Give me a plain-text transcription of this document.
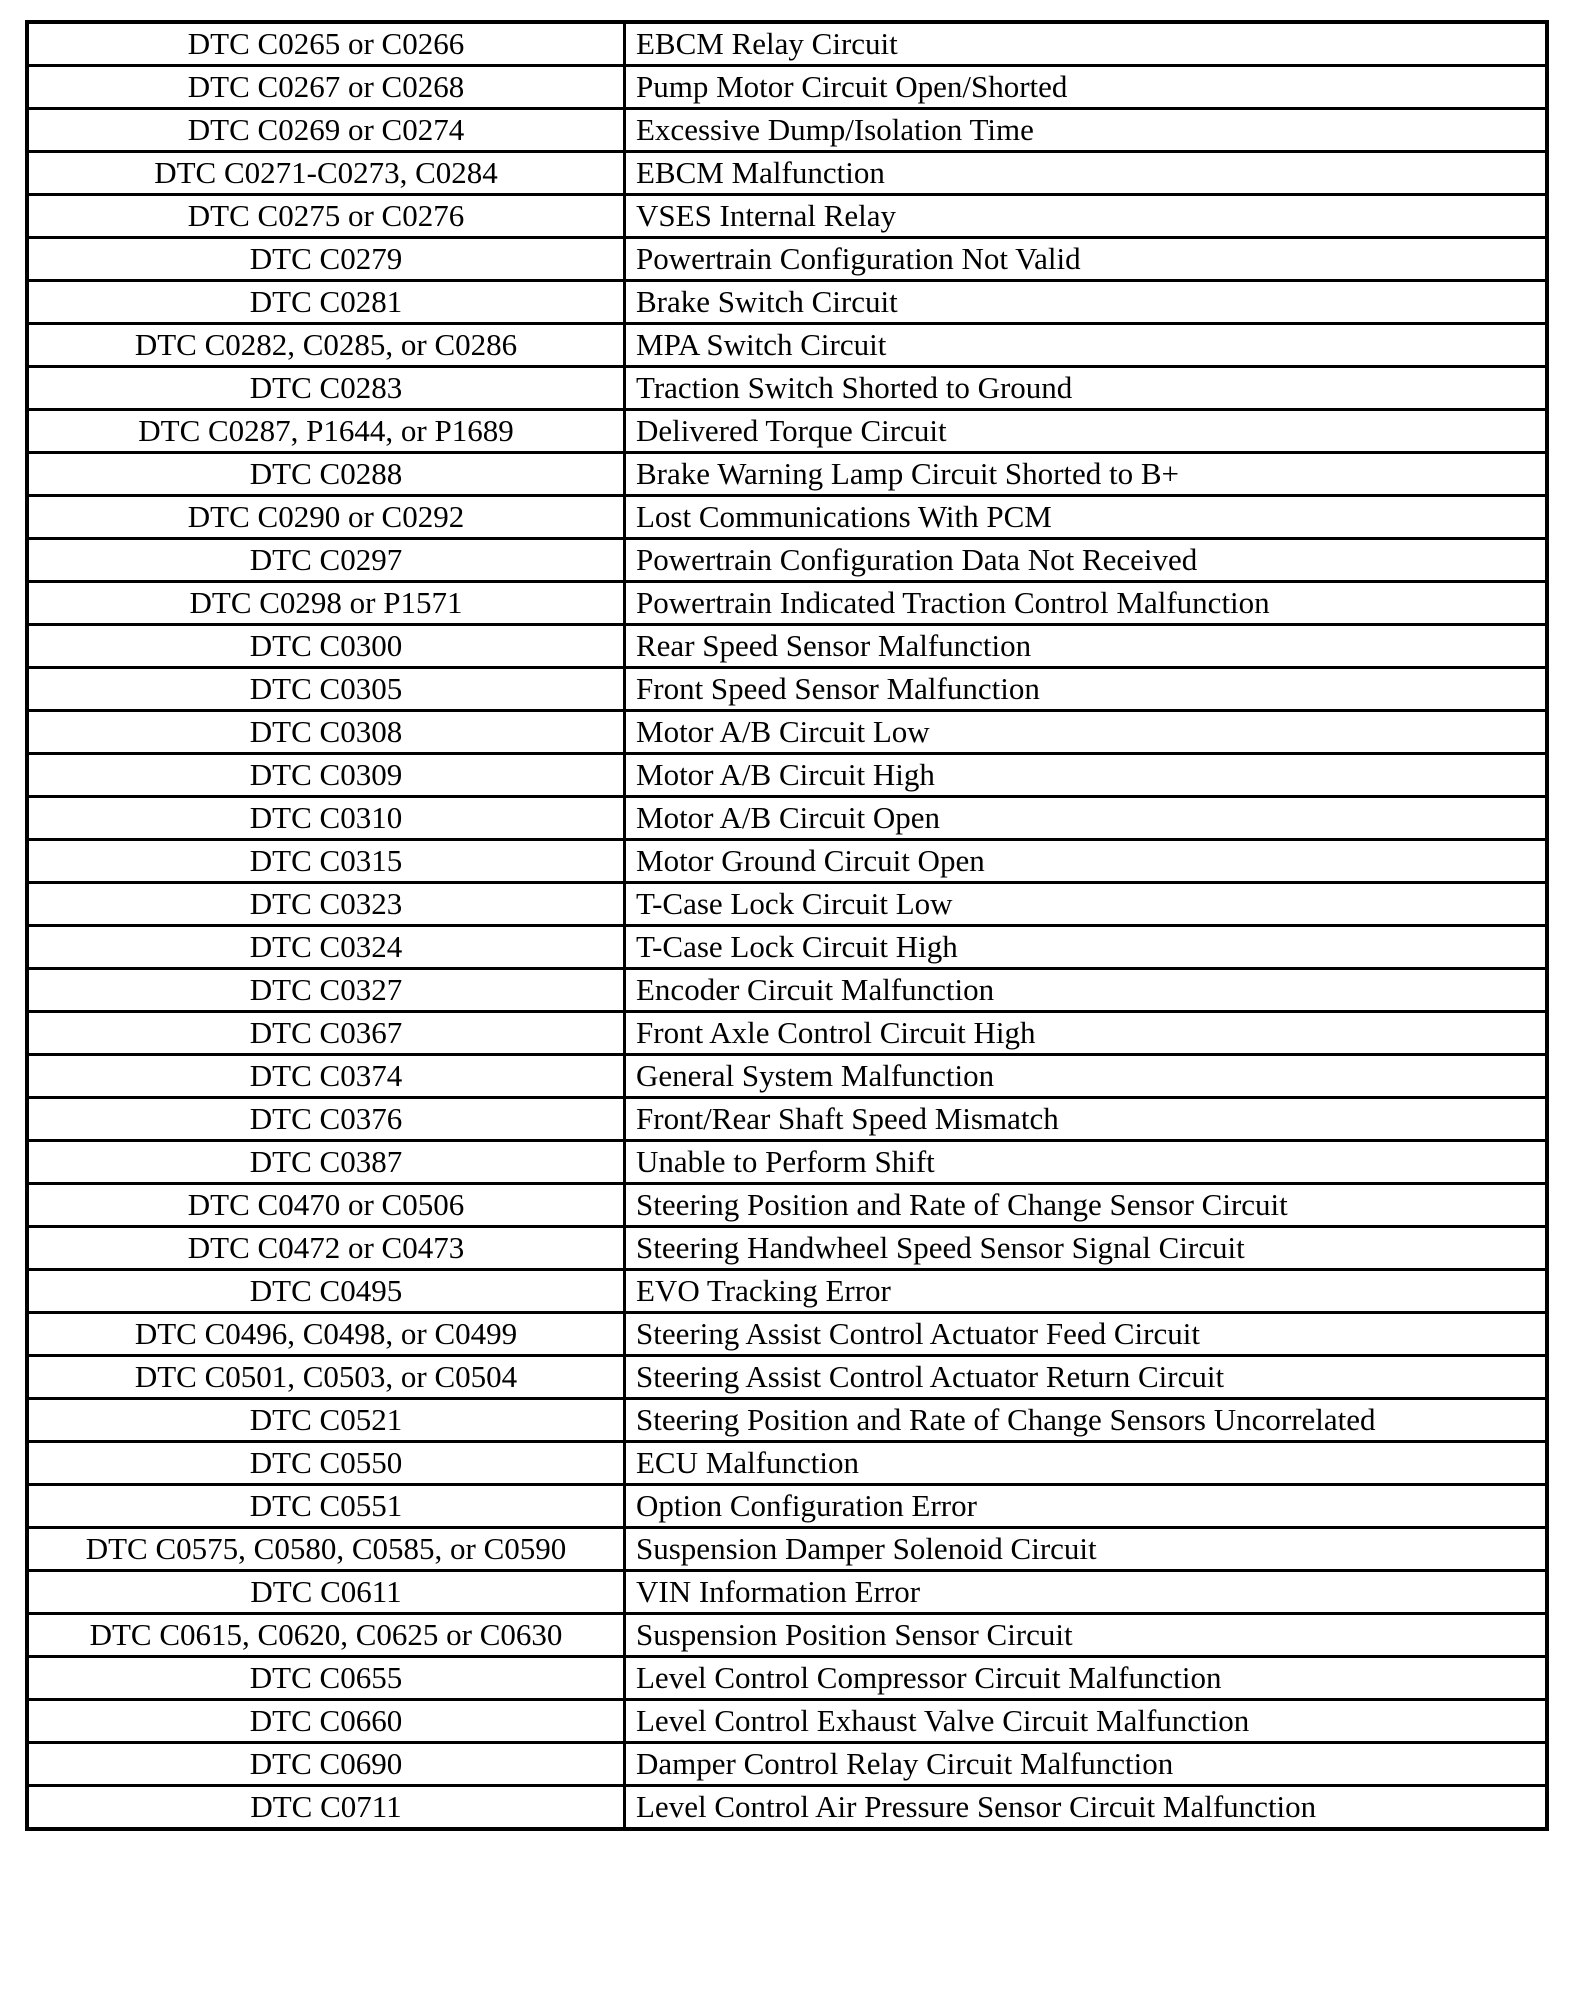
DTC C0265 or C0266	EBCM Relay Circuit
DTC C0267 or C0268	Pump Motor Circuit Open/Shorted
DTC C0269 or C0274	Excessive Dump/Isolation Time
DTC C0271-C0273, C0284	EBCM Malfunction
DTC C0275 or C0276	VSES Internal Relay
DTC C0279	Powertrain Configuration Not Valid
DTC C0281	Brake Switch Circuit
DTC C0282, C0285, or C0286	MPA Switch Circuit
DTC C0283	Traction Switch Shorted to Ground
DTC C0287, P1644, or P1689	Delivered Torque Circuit
DTC C0288	Brake Warning Lamp Circuit Shorted to B+
DTC C0290 or C0292	Lost Communications With PCM
DTC C0297	Powertrain Configuration Data Not Received
DTC C0298 or P1571	Powertrain Indicated Traction Control Malfunction
DTC C0300	Rear Speed Sensor Malfunction
DTC C0305	Front Speed Sensor Malfunction
DTC C0308	Motor A/B Circuit Low
DTC C0309	Motor A/B Circuit High
DTC C0310	Motor A/B Circuit Open
DTC C0315	Motor Ground Circuit Open
DTC C0323	T-Case Lock Circuit Low
DTC C0324	T-Case Lock Circuit High
DTC C0327	Encoder Circuit Malfunction
DTC C0367	Front Axle Control Circuit High
DTC C0374	General System Malfunction
DTC C0376	Front/Rear Shaft Speed Mismatch
DTC C0387	Unable to Perform Shift
DTC C0470 or C0506	Steering Position and Rate of Change Sensor Circuit
DTC C0472 or C0473	Steering Handwheel Speed Sensor Signal Circuit
DTC C0495	EVO Tracking Error
DTC C0496, C0498, or C0499	Steering Assist Control Actuator Feed Circuit
DTC C0501, C0503, or C0504	Steering Assist Control Actuator Return Circuit
DTC C0521	Steering Position and Rate of Change Sensors Uncorrelated
DTC C0550	ECU Malfunction
DTC C0551	Option Configuration Error
DTC C0575, C0580, C0585, or C0590	Suspension Damper Solenoid Circuit
DTC C0611	VIN Information Error
DTC C0615, C0620, C0625 or C0630	Suspension Position Sensor Circuit
DTC C0655	Level Control Compressor Circuit Malfunction
DTC C0660	Level Control Exhaust Valve Circuit Malfunction
DTC C0690	Damper Control Relay Circuit Malfunction
DTC C0711	Level Control Air Pressure Sensor Circuit Malfunction
